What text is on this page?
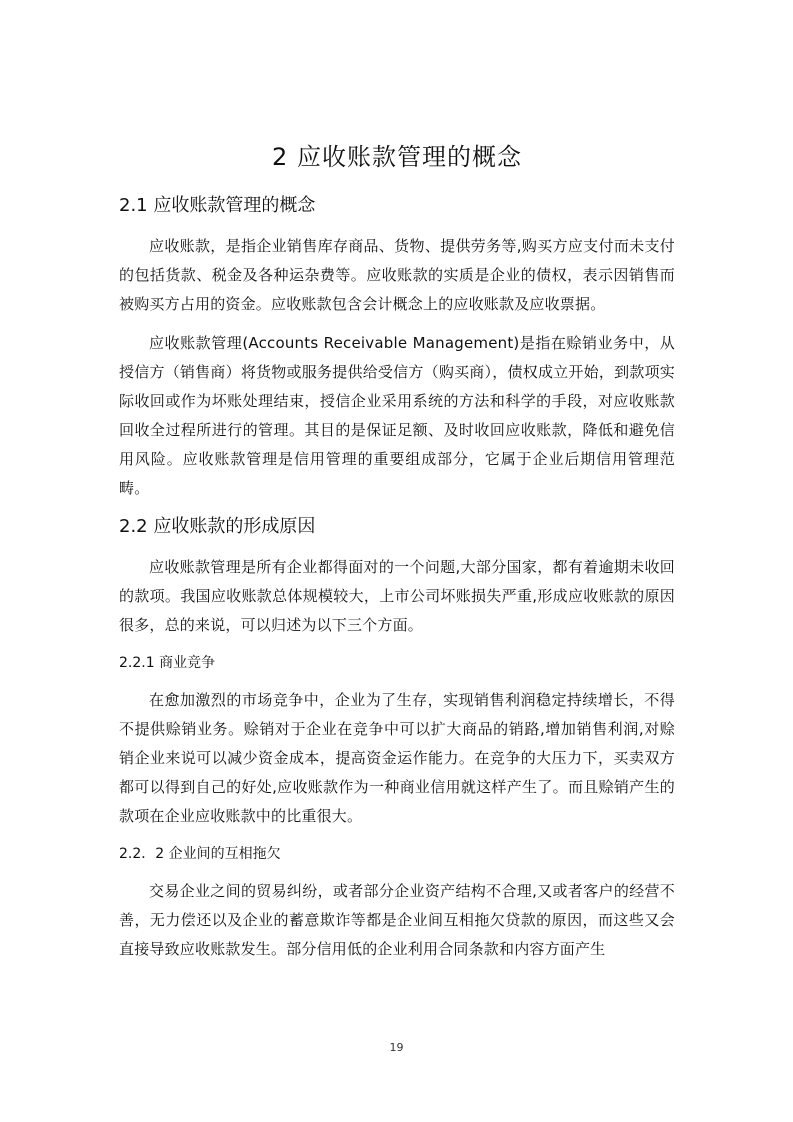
2 应收账款管理的概念
2.1 应收账款管理的概念

应收账款，是指企业销售库存商品、货物、提供劳务等,购买方应支付而未支付的包括货款、税金及各种运杂费等。应收账款的实质是企业的债权，表示因销售而被购买方占用的资金。应收账款包含会计概念上的应收账款及应收票据。

应收账款管理(Accounts Receivable Management)是指在赊销业务中，从授信方（销售商）将货物或服务提供给受信方（购买商），债权成立开始，到款项实际收回或作为坏账处理结束，授信企业采用系统的方法和科学的手段，对应收账款回收全过程所进行的管理。其目的是保证足额、及时收回应收账款，降低和避免信用风险。应收账款管理是信用管理的重要组成部分，它属于企业后期信用管理范畴。

2.2 应收账款的形成原因

应收账款管理是所有企业都得面对的一个问题,大部分国家，都有着逾期未收回的款项。我国应收账款总体规模较大，上市公司坏账损失严重,形成应收账款的原因很多，总的来说，可以归述为以下三个方面。

2.2.1 商业竞争

在愈加激烈的市场竞争中，企业为了生存，实现销售利润稳定持续增长，不得不提供赊销业务。赊销对于企业在竞争中可以扩大商品的销路,增加销售利润,对赊销企业来说可以减少资金成本，提高资金运作能力。在竞争的大压力下，买卖双方都可以得到自己的好处,应收账款作为一种商业信用就这样产生了。而且赊销产生的款项在企业应收账款中的比重很大。

2.2．2 企业间的互相拖欠

交易企业之间的贸易纠纷，或者部分企业资产结构不合理,又或者客户的经营不善，无力偿还以及企业的蓄意欺诈等都是企业间互相拖欠贷款的原因，而这些又会直接导致应收账款发生。部分信用低的企业利用合同条款和内容方面产生

19
